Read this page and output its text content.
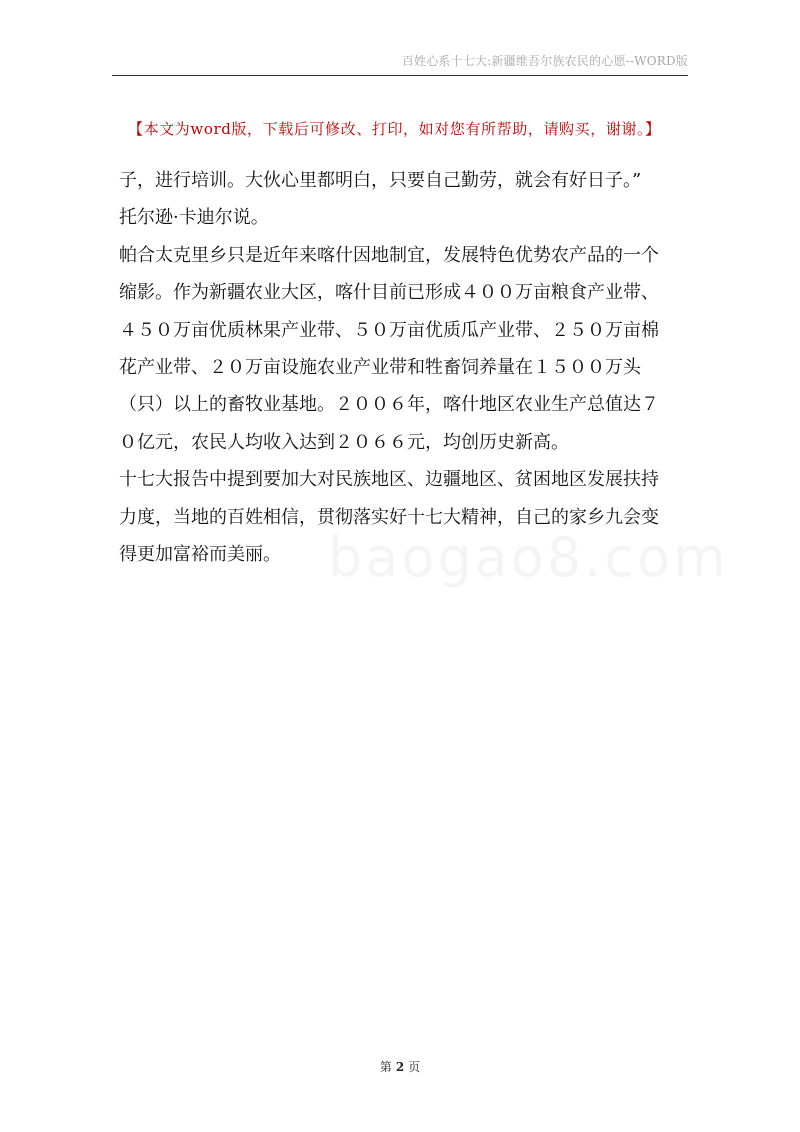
百姓心系十七大:新疆维吾尔族农民的心愿--WORD版
【本文为word版，下载后可修改、打印，如对您有所帮助，请购买，谢谢。】

子，进行培训。大伙心里都明白，只要自己勤劳，就会有好日子。”
托尔逊·卡迪尔说。

帕合太克里乡只是近年来喀什因地制宜，发展特色优势农产品的一个
缩影。作为新疆农业大区，喀什目前已形成４００万亩粮食产业带、
４５０万亩优质林果产业带、５０万亩优质瓜产业带、２５０万亩棉
花产业带、２０万亩设施农业产业带和牲畜饲养量在１５００万头
（只）以上的畜牧业基地。２００６年，喀什地区农业生产总值达７
０亿元，农民人均收入达到２０６６元，均创历史新高。

十七大报告中提到要加大对民族地区、边疆地区、贫困地区发展扶持
力度，当地的百姓相信，贯彻落实好十七大精神，自己的家乡九会变
得更加富裕而美丽。

第 2 页
